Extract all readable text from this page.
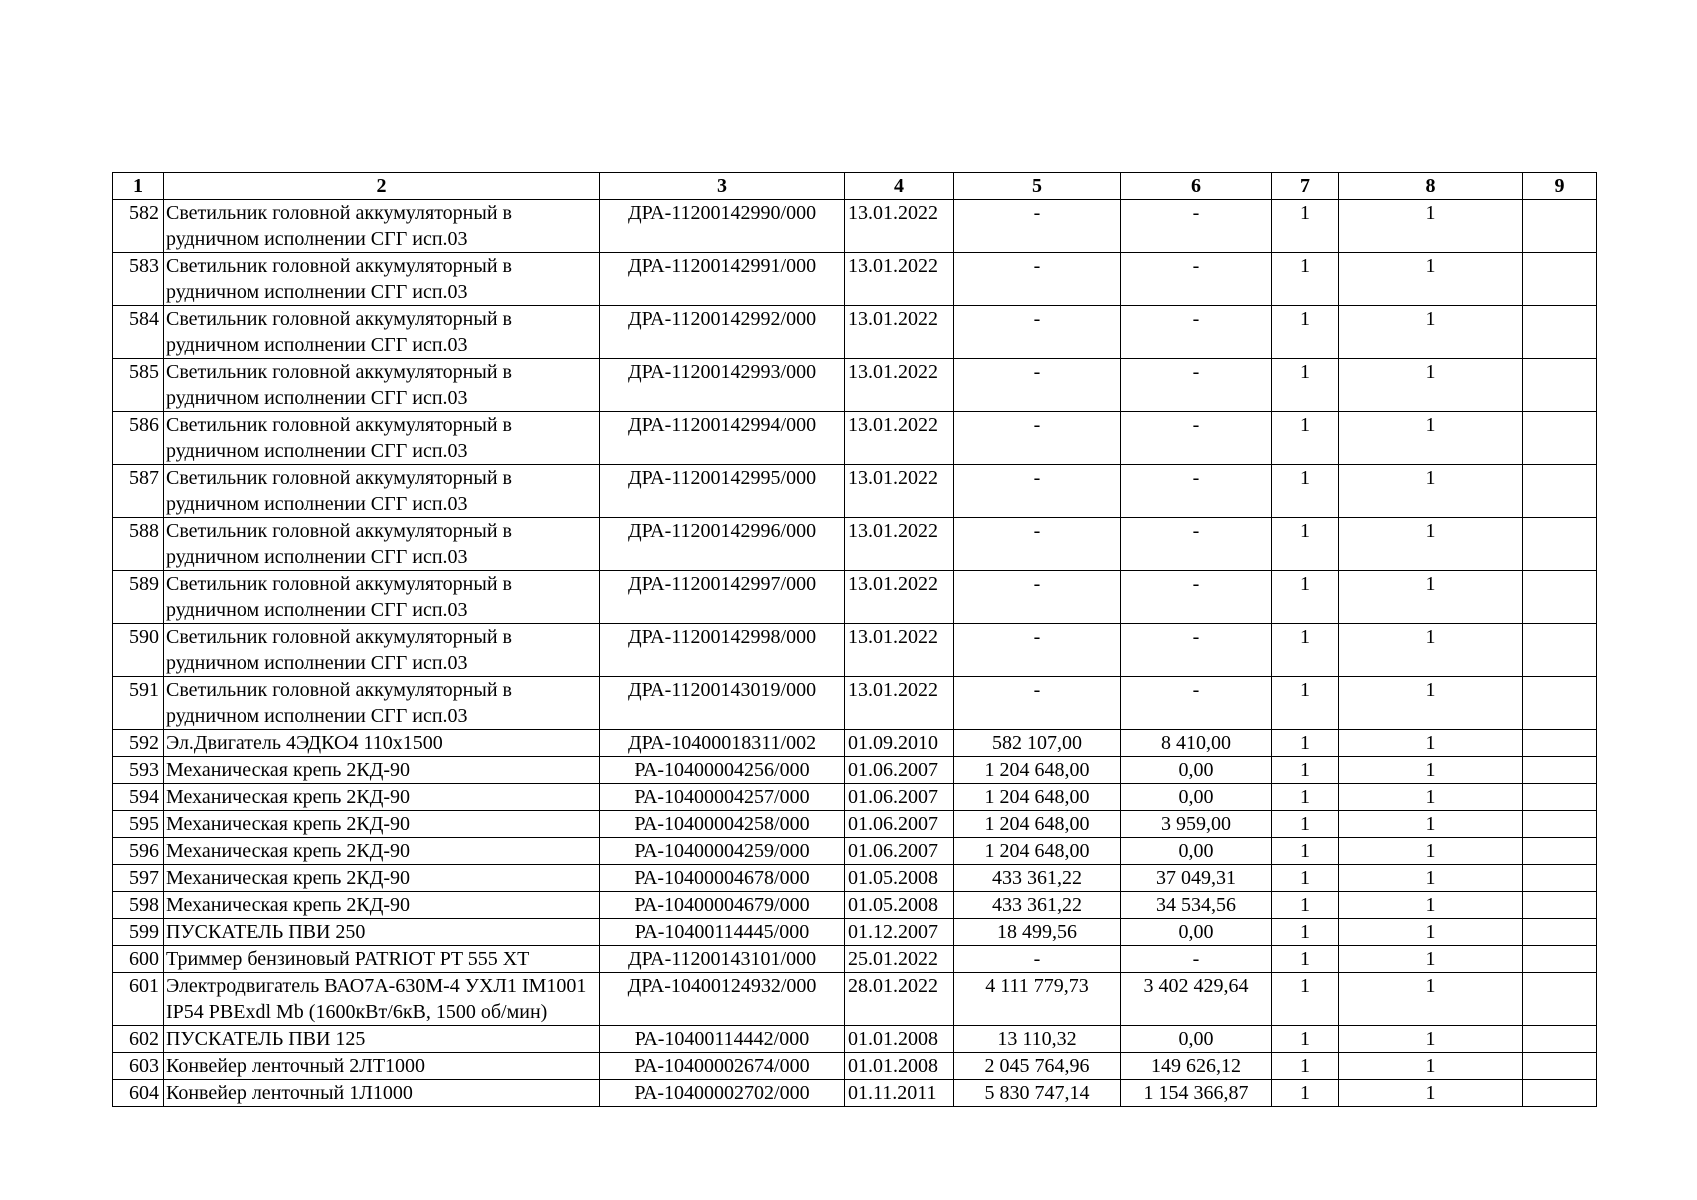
1	2	3	4	5	6	7	8	9
582	Светильник головной аккумуляторный в рудничном исполнении СГГ исп.03	ДРА-11200142990/000	13.01.2022	-	-	1	1	
583	Светильник головной аккумуляторный в рудничном исполнении СГГ исп.03	ДРА-11200142991/000	13.01.2022	-	-	1	1	
584	Светильник головной аккумуляторный в рудничном исполнении СГГ исп.03	ДРА-11200142992/000	13.01.2022	-	-	1	1	
585	Светильник головной аккумуляторный в рудничном исполнении СГГ исп.03	ДРА-11200142993/000	13.01.2022	-	-	1	1	
586	Светильник головной аккумуляторный в рудничном исполнении СГГ исп.03	ДРА-11200142994/000	13.01.2022	-	-	1	1	
587	Светильник головной аккумуляторный в рудничном исполнении СГГ исп.03	ДРА-11200142995/000	13.01.2022	-	-	1	1	
588	Светильник головной аккумуляторный в рудничном исполнении СГГ исп.03	ДРА-11200142996/000	13.01.2022	-	-	1	1	
589	Светильник головной аккумуляторный в рудничном исполнении СГГ исп.03	ДРА-11200142997/000	13.01.2022	-	-	1	1	
590	Светильник головной аккумуляторный в рудничном исполнении СГГ исп.03	ДРА-11200142998/000	13.01.2022	-	-	1	1	
591	Светильник головной аккумуляторный в рудничном исполнении СГГ исп.03	ДРА-11200143019/000	13.01.2022	-	-	1	1	
592	Эл.Двигатель 4ЭДКО4 110х1500	ДРА-10400018311/002	01.09.2010	582 107,00	8 410,00	1	1	
593	Механическая крепь 2КД-90	РА-10400004256/000	01.06.2007	1 204 648,00	0,00	1	1	
594	Механическая крепь 2КД-90	РА-10400004257/000	01.06.2007	1 204 648,00	0,00	1	1	
595	Механическая крепь 2КД-90	РА-10400004258/000	01.06.2007	1 204 648,00	3 959,00	1	1	
596	Механическая крепь 2КД-90	РА-10400004259/000	01.06.2007	1 204 648,00	0,00	1	1	
597	Механическая крепь 2КД-90	РА-10400004678/000	01.05.2008	433 361,22	37 049,31	1	1	
598	Механическая крепь 2КД-90	РА-10400004679/000	01.05.2008	433 361,22	34 534,56	1	1	
599	ПУСКАТЕЛЬ ПВИ 250	РА-10400114445/000	01.12.2007	18 499,56	0,00	1	1	
600	Триммер бензиновый PATRIOT PT 555 XT	ДРА-11200143101/000	25.01.2022	-	-	1	1	
601	Электродвигатель ВАО7А-630М-4 УХЛ1 IM1001 IP54 PBExdl Mb (1600кВт/6кВ, 1500 об/мин)	ДРА-10400124932/000	28.01.2022	4 111 779,73	3 402 429,64	1	1	
602	ПУСКАТЕЛЬ ПВИ 125	РА-10400114442/000	01.01.2008	13 110,32	0,00	1	1	
603	Конвейер ленточный 2ЛТ1000	РА-10400002674/000	01.01.2008	2 045 764,96	149 626,12	1	1	
604	Конвейер ленточный 1Л1000	РА-10400002702/000	01.11.2011	5 830 747,14	1 154 366,87	1	1	
